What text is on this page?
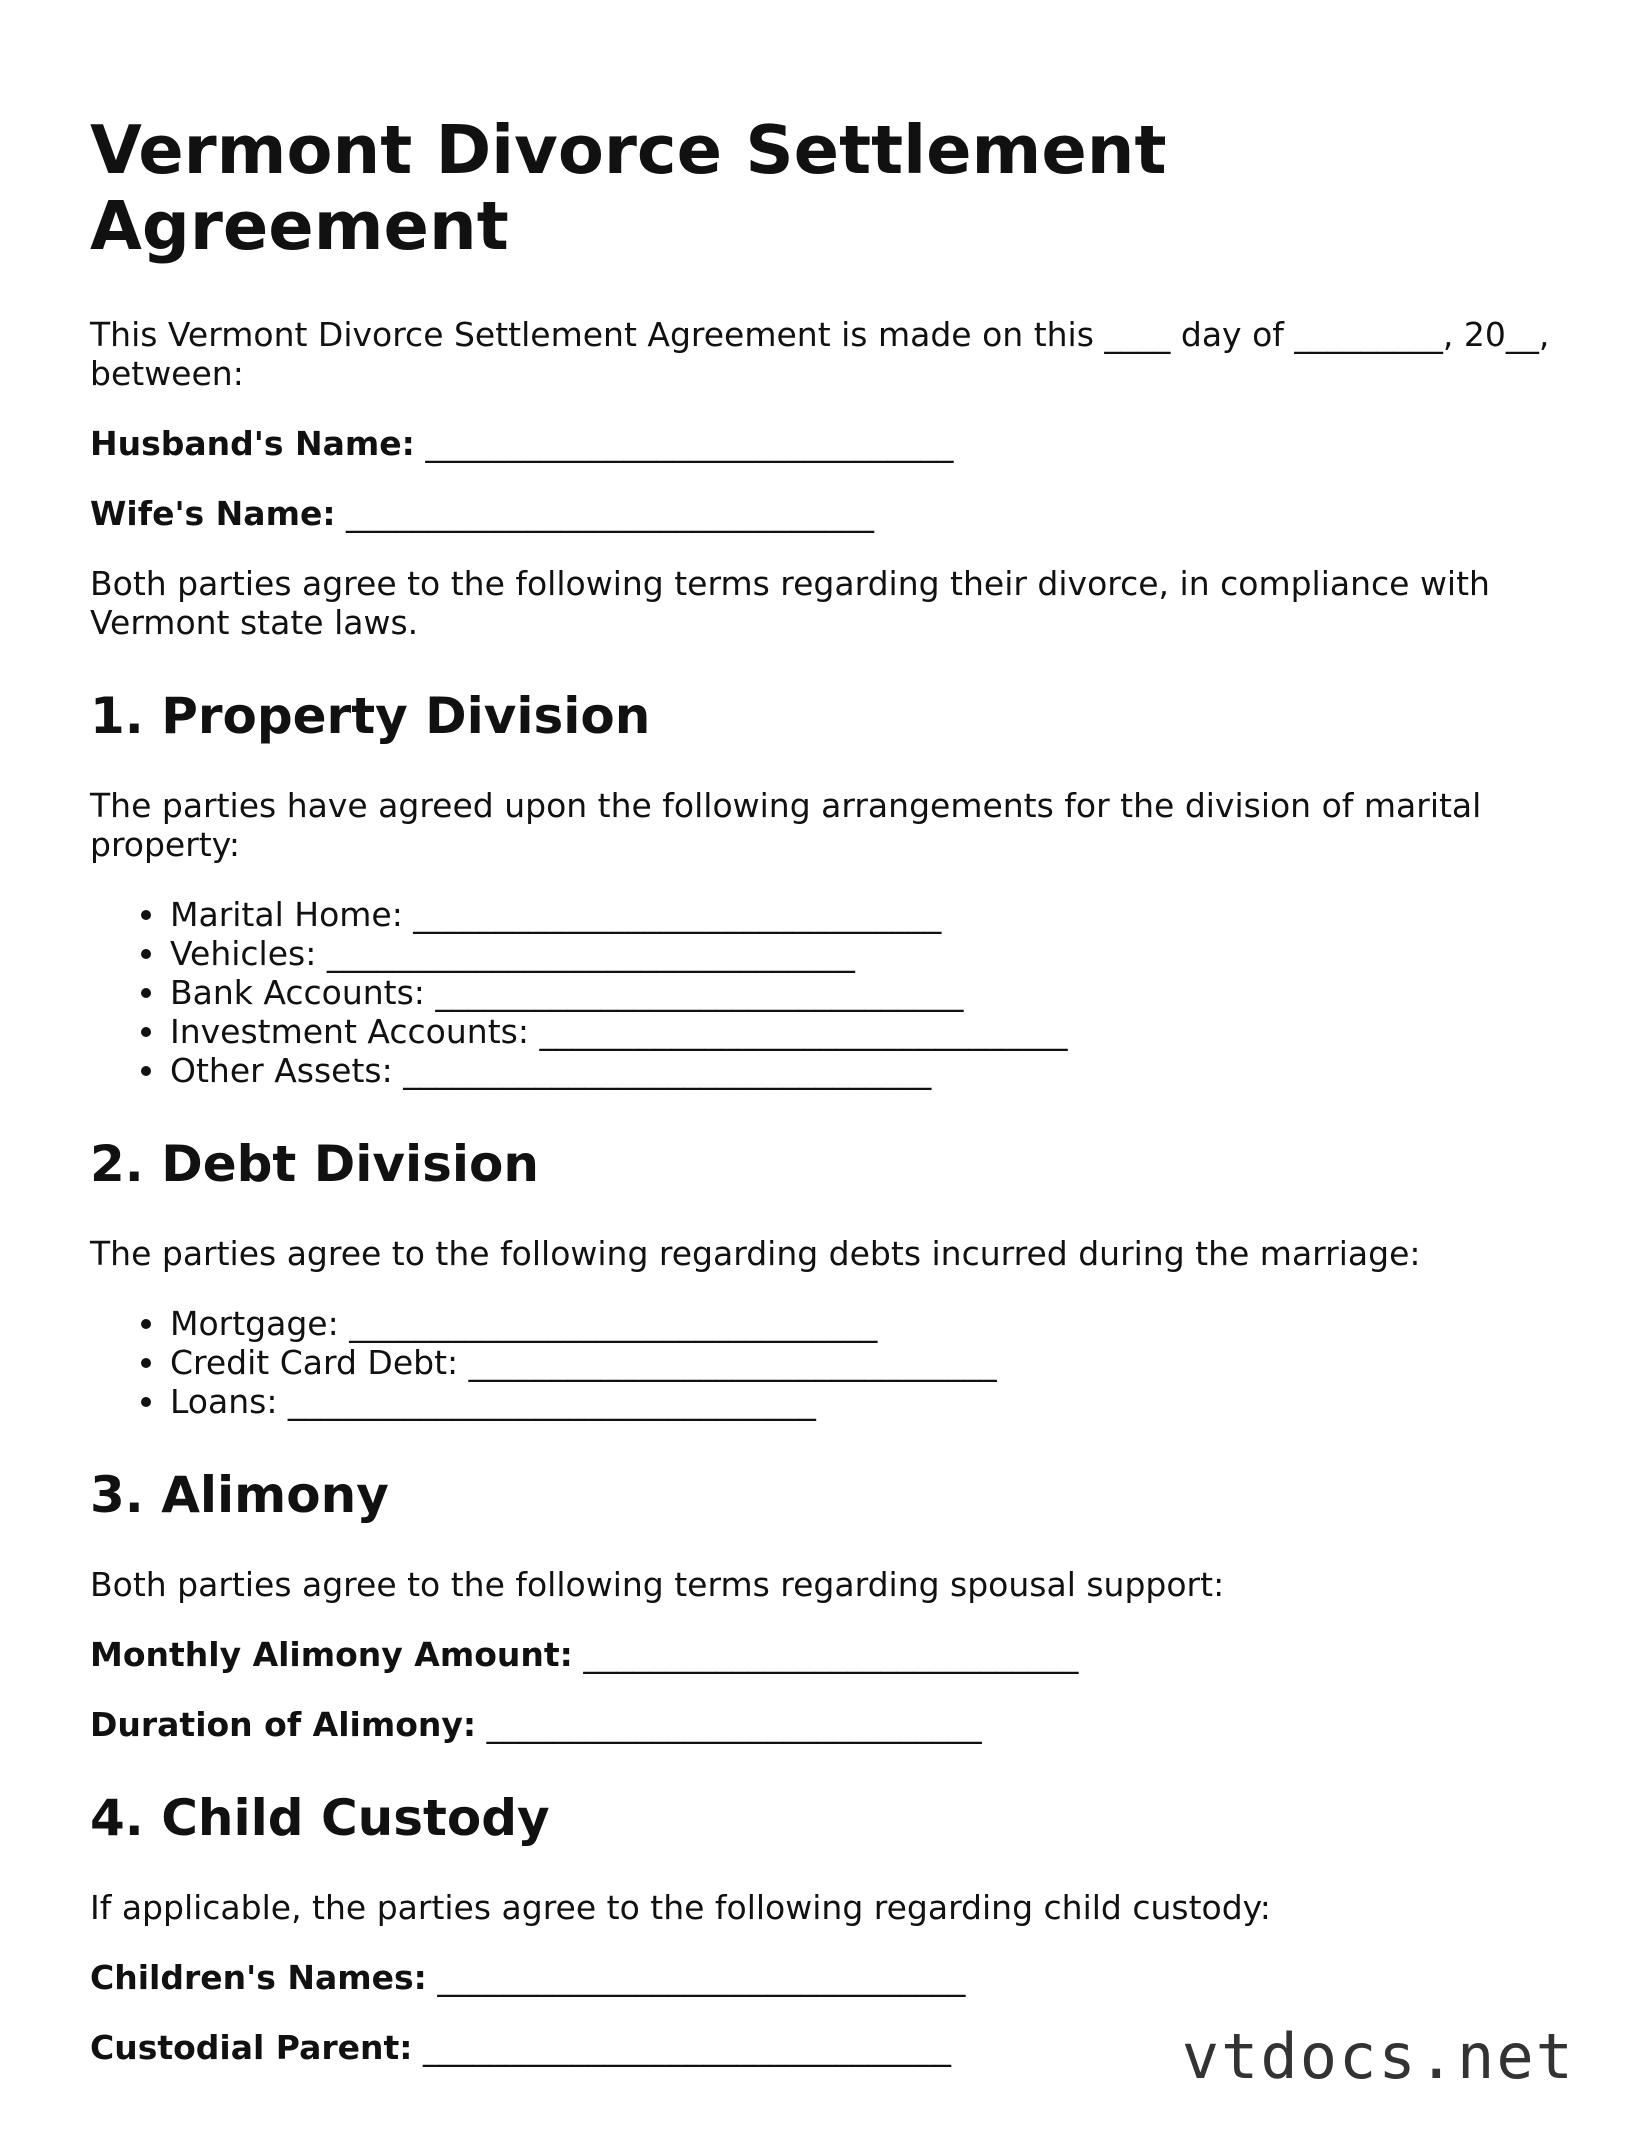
Vermont Divorce Settlement Agreement

This Vermont Divorce Settlement Agreement is made on this ____ day of _________, 20__, between:

Husband's Name: ________________________________

Wife's Name: ________________________________

Both parties agree to the following terms regarding their divorce, in compliance with Vermont state laws.

1. Property Division

The parties have agreed upon the following arrangements for the division of marital property:

Marital Home: ________________________________
Vehicles: ________________________________
Bank Accounts: ________________________________
Investment Accounts: ________________________________
Other Assets: ________________________________
2. Debt Division

The parties agree to the following regarding debts incurred during the marriage:

Mortgage: ________________________________
Credit Card Debt: ________________________________
Loans: ________________________________
3. Alimony

Both parties agree to the following terms regarding spousal support:

Monthly Alimony Amount: ______________________________

Duration of Alimony: ______________________________

4. Child Custody

If applicable, the parties agree to the following regarding child custody:

Children's Names: ________________________________

Custodial Parent: ________________________________	vtdocs.net
